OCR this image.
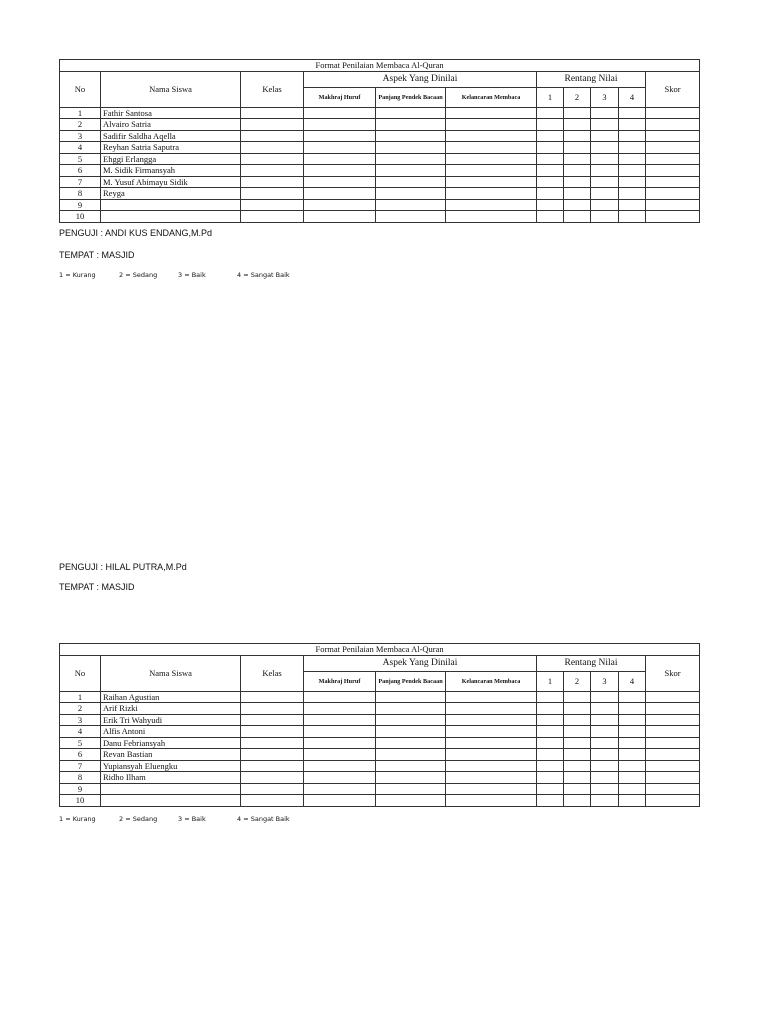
Format Penilaian Membaca Al-Quran										
No	Nama Siswa	Kelas	Aspek Yang Dinilai			Rentang Nilai				Skor
			Makhraj Huruf	Panjang Pendek Bacaan	Kelancaran Membaca	1	2	3	4	
1	Fathir Santosa									
2	Alvairo Satria									
3	Sadifir Saldha Aqella									
4	Reyhan Satria Saputra									
5	Ehggi Erlangga									
6	M. Sidik Firmansyah									
7	M. Yusuf Abimayu Sidik									
8	Reyga									
9										
10										
PENGUJI : ANDI KUS ENDANG,M.Pd
TEMPAT : MASJID
1 = Kurang	2 = Sedang	3 = Baik	4 = Sangat Baik
PENGUJI : HILAL PUTRA,M.Pd
TEMPAT : MASJID
Format Penilaian Membaca Al-Quran										
No	Nama Siswa	Kelas	Aspek Yang Dinilai			Rentang Nilai				Skor
			Makhraj Huruf	Panjang Pendek Bacaan	Kelancaran Membaca	1	2	3	4	
1	Raihan Agustian									
2	Arif Rizki									
3	Erik Tri Wahyudi									
4	Alfis Antoni									
5	Danu Febriansyah									
6	Revan Bastian									
7	Yupiansyah Eluengku									
8	Ridho Ilham									
9										
10										
1 = Kurang	2 = Sedang	3 = Baik	4 = Sangat Baik
